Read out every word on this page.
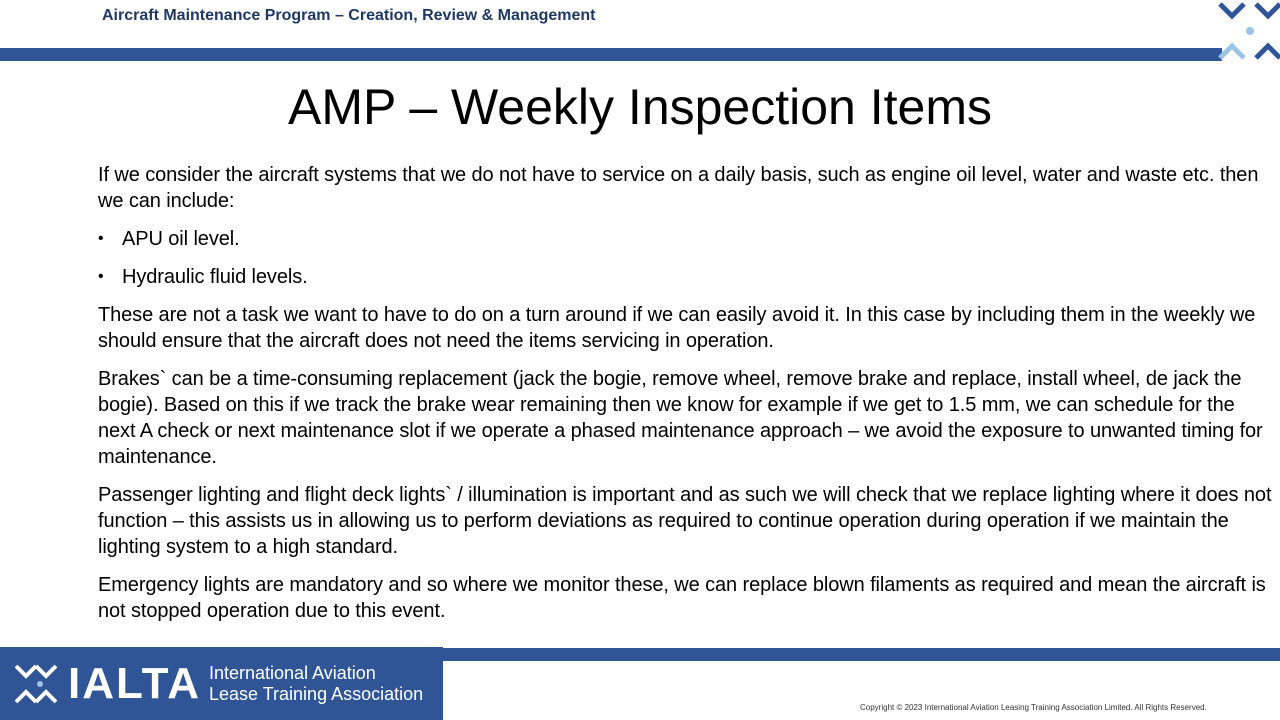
Aircraft Maintenance Program – Creation, Review & Management
AMP – Weekly Inspection Items

If we consider the aircraft systems that we do not have to service on a daily basis, such as engine oil level, water and waste etc. then we can include:

• APU oil level.
• Hydraulic fluid levels.

These are not a task we want to have to do on a turn around if we can easily avoid it. In this case by including them in the weekly we should ensure that the aircraft does not need the items servicing in operation.

Brakes` can be a time-consuming replacement (jack the bogie, remove wheel, remove brake and replace, install wheel, de jack the bogie). Based on this if we track the brake wear remaining then we know for example if we get to 1.5 mm, we can schedule for the next A check or next maintenance slot if we operate a phased maintenance approach – we avoid the exposure to unwanted timing for maintenance.

Passenger lighting and flight deck lights` / illumination is important and as such we will check that we replace lighting where it does not function – this assists us in allowing us to perform deviations as required to continue operation during operation if we maintain the lighting system to a high standard.

Emergency lights are mandatory and so where we monitor these, we can replace blown filaments as required and mean the aircraft is not stopped operation due to this event.

IALTA International Aviation
Lease Training Association
Copyright © 2023 International Aviation Leasing Training Association Limited. All Rights Reserved.
